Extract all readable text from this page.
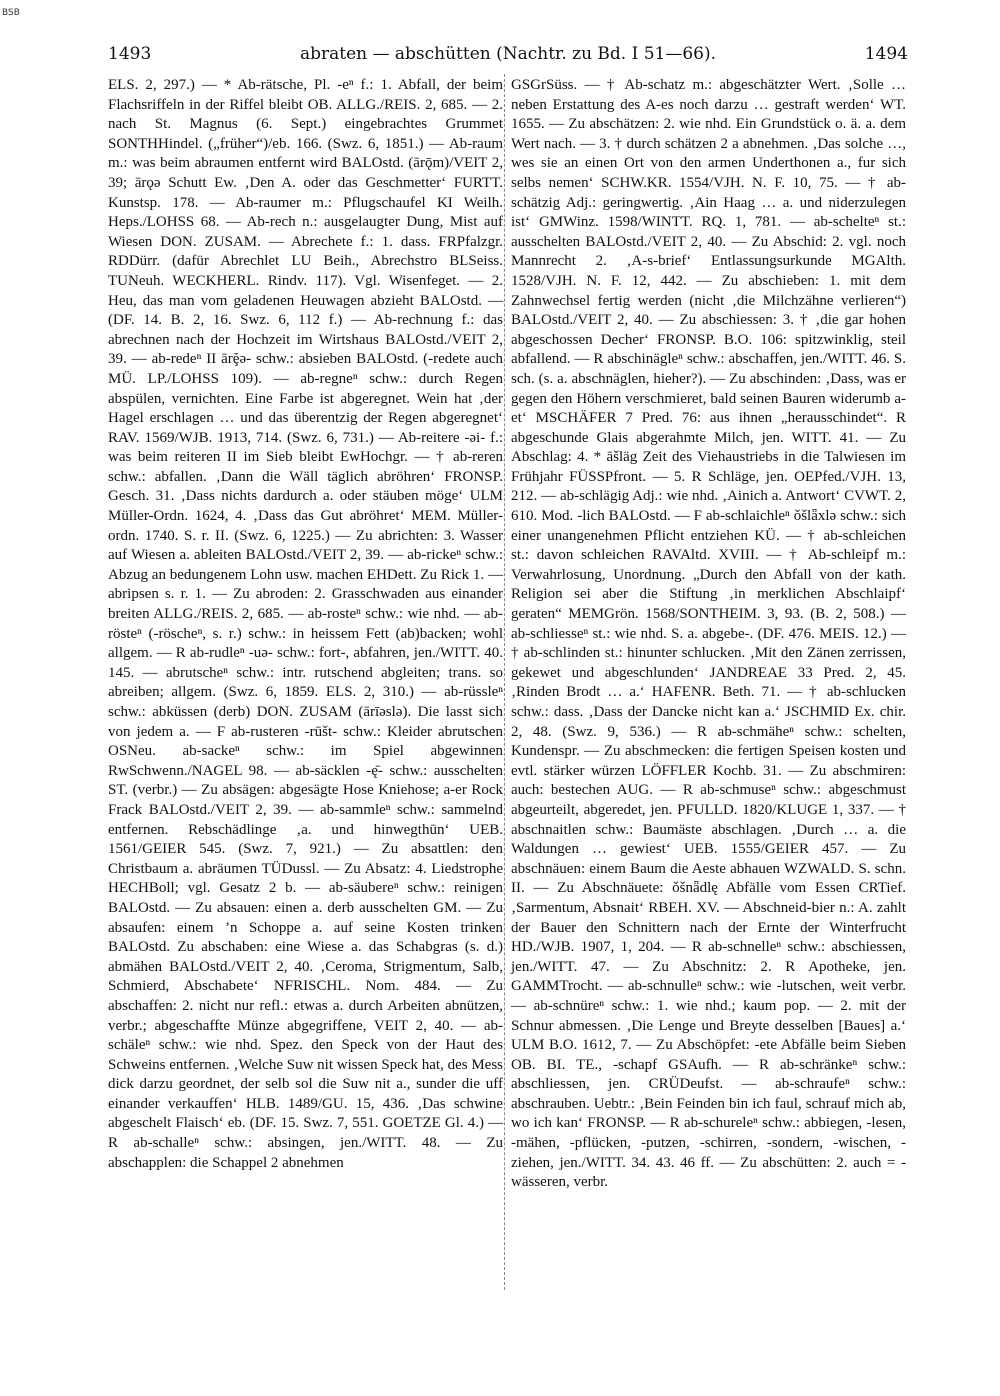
BSB
1493	abraten — abschütten (Nachtr. zu Bd. I 51—66).	1494

ELS. 2, 297.) — * Ab-rätsche, Pl. -eⁿ f.: 1. Abfall, der beim Flachsriffeln in der Riffel bleibt OB. ALLG./REIS. 2, 685. — 2. nach St. Magnus (6. Sept.) eingebrachtes Grummet SONTHHindel. („früher“)/eb. 166. (Swz. 6, 1851.) — Ab-raum m.: was beim abraumen entfernt wird BALOstd. (ārǭm)/VEIT 2, 39; ārǫə Schutt Ew. ‚Den A. oder das Geschmetter‘ FURTT. Kunstsp. 178. — Ab-raumer m.: Pflugschaufel KI Weilh. Heps./LOHSS 68. — Ab-rech n.: ausgelaugter Dung, Mist auf Wiesen DON. ZUSAM. — Abrechete f.: 1. dass. FRPfalzgr. RDDürr. (dafür Abrechlet LU Beih., Abrechstro BLSeiss. TUNeuh. WECKHERL. Rindv. 117). Vgl. Wisenfeget. — 2. Heu, das man vom geladenen Heuwagen abzieht BALOstd. — (DF. 14. B. 2, 16. Swz. 6, 112 f.) — Ab-rechnung f.: das abrechnen nach der Hochzeit im Wirtshaus BALOstd./VEIT 2, 39. — ab-redeⁿ II ārḝə- schw.: absieben BALOstd. (-redete auch MÜ. LP./LOHSS 109). — ab-regneⁿ schw.: durch Regen abspülen, vernichten. Eine Farbe ist abgeregnet. Wein hat ‚der Hagel erschlagen … und das überentzig der Regen abgeregnet‘ RAV. 1569/WJB. 1913, 714. (Swz. 6, 731.) — Ab-reitere -əi- f.: was beim reiteren II im Sieb bleibt EwHochgr. — † ab-reren schw.: abfallen. ‚Dann die Wäll täglich abröhren‘ FRONSP. Gesch. 31. ‚Dass nichts dardurch a. oder stäuben möge‘ ULM Müller-Ordn. 1624, 4. ‚Dass das Gut abröhret‘ MEM. Müller-ordn. 1740. S. r. II. (Swz. 6, 1225.) — Zu abrichten: 3. Wasser auf Wiesen a. ableiten BALOstd./VEIT 2, 39. — ab-rickeⁿ schw.: Abzug an bedungenem Lohn usw. machen EHDett. Zu Rick 1. — abripsen s. r. 1. — Zu abroden: 2. Grasschwaden aus einander breiten ALLG./REIS. 2, 685. — ab-rosteⁿ schw.: wie nhd. — ab-rösteⁿ (-röscheⁿ, s. r.) schw.: in heissem Fett (ab)backen; wohl allgem. — R ab-rudleⁿ -uə- schw.: fort-, abfahren, jen./WITT. 40. 145. — abrutscheⁿ schw.: intr. rutschend abgleiten; trans. so abreiben; allgem. (Swz. 6, 1859. ELS. 2, 310.) — ab-rüssleⁿ schw.: abküssen (derb) DON. ZUSAM (ārīəslə). Die lasst sich von jedem a. — F ab-rusteren -rūšt- schw.: Kleider abrutschen OSNeu. ab-sackeⁿ schw.: im Spiel abgewinnen RwSchwenn./NAGEL 98. — ab-säcklen -ę̄- schw.: ausschelten ST. (verbr.) — Zu absägen: abgesägte Hose Kniehose; a-er Rock Frack BALOstd./VEIT 2, 39. — ab-sammleⁿ schw.: sammelnd entfernen. Rebschädlinge ‚a. und hinwegthūn‘ UEB. 1561/GEIER 545. (Swz. 7, 921.) — Zu absattlen: den Christbaum a. abräumen TÜDussl. — Zu Absatz: 4. Liedstrophe HECHBoll; vgl. Gesatz 2 b. — ab-säubereⁿ schw.: reinigen BALOstd. — Zu absauen: einen a. derb ausschelten GM. — Zu absaufen: einem ’n Schoppe a. auf seine Kosten trinken BALOstd. Zu abschaben: eine Wiese a. das Schabgras (s. d.) abmähen BALOstd./VEIT 2, 40. ‚Ceroma, Strigmentum, Salb, Schmierd, Abschabete‘ NFRISCHL. Nom. 484. — Zu abschaffen: 2. nicht nur refl.: etwas a. durch Arbeiten abnützen, verbr.; abgeschaffte Münze abgegriffene, VEIT 2, 40. — ab-schäleⁿ schw.: wie nhd. Spez. den Speck von der Haut des Schweins entfernen. ‚Welche Suw nit wissen Speck hat, des Mess dick darzu geordnet, der selb sol die Suw nit a., sunder die uff einander verkauffen‘ HLB. 1489/GU. 15, 436. ‚Das schwine abgeschelt Flaisch‘ eb. (DF. 15. Swz. 7, 551. GOETZE Gl. 4.) — R ab-schalleⁿ schw.: absingen, jen./WITT. 48. — Zu abschapplen: die Schappel 2 abnehmen

GSGrSüss. — † Ab-schatz m.: abgeschätzter Wert. ‚Solle … neben Erstattung des A-es noch darzu … gestraft werden‘ WT. 1655. — Zu abschätzen: 2. wie nhd. Ein Grundstück o. ä. a. dem Wert nach. — 3. † durch schätzen 2 a abnehmen. ‚Das solche …, wes sie an einen Ort von den armen Underthonen a., fur sich selbs nemen‘ SCHW.KR. 1554/VJH. N. F. 10, 75. — † ab-schätzig Adj.: geringwertig. ‚Ain Haag … a. und niderzulegen ist‘ GMWinz. 1598/WINTT. RQ. 1, 781. — ab-schelteⁿ st.: ausschelten BALOstd./VEIT 2, 40. — Zu Abschid: 2. vgl. noch Mannrecht 2. ‚A-s-brief‘ Entlassungsurkunde MGAlth. 1528/VJH. N. F. 12, 442. — Zu abschieben: 1. mit dem Zahnwechsel fertig werden (nicht ‚die Milchzähne verlieren“) BALOstd./VEIT 2, 40. — Zu abschiessen: 3. † ‚die gar hohen abgeschossen Decher‘ FRONSP. B.O. 106: spitzwinklig, steil abfallend. — R abschinägleⁿ schw.: abschaffen, jen./WITT. 46. S. sch. (s. a. abschnäglen, hieher?). — Zu abschinden: ‚Dass, was er gegen den Höhern verschmieret, bald seinen Bauren widerumb a-et‘ MSCHÄFER 7 Pred. 76: aus ihnen „herausschindet“. R abgeschunde Glais abgerahmte Milch, jen. WITT. 41. — Zu Abschlag: 4. * āšläg Zeit des Viehaustriebs in die Talwiesen im Frühjahr FÜSSPfront. — 5. R Schläge, jen. OEPfed./VJH. 13, 212. — ab-schlägig Adj.: wie nhd. ‚Ainich a. Antwort‘ CVWT. 2, 610. Mod. -lich BALOstd. — F ab-schlaichleⁿ ǒšlǟxlə schw.: sich einer unangenehmen Pflicht entziehen KÜ. — † ab-schleichen st.: davon schleichen RAVAltd. XVIII. — † Ab-schleipf m.: Verwahrlosung, Unordnung. „Durch den Abfall von der kath. Religion sei aber die Stiftung ‚in merklichen Abschlaipf‘ geraten“ MEMGrön. 1568/SONTHEIM. 3, 93. (B. 2, 508.) — ab-schliesseⁿ st.: wie nhd. S. a. abgebe-. (DF. 476. MEIS. 12.) — † ab-schlinden st.: hinunter schlucken. ‚Mit den Zänen zerrissen, gekewet und abgeschlunden‘ JANDREAE 33 Pred. 2, 45. ‚Rinden Brodt … a.‘ HAFENR. Beth. 71. — † ab-schlucken schw.: dass. ‚Dass der Dancke nicht kan a.‘ JSCHMID Ex. chir. 2, 48. (Swz. 9, 536.) — R ab-schmäheⁿ schw.: schelten, Kundenspr. — Zu abschmecken: die fertigen Speisen kosten und evtl. stärker würzen LÖFFLER Kochb. 31. — Zu abschmiren: auch: bestechen AUG. — R ab-schmuseⁿ schw.: abgeschmust abgeurteilt, abgeredet, jen. PFULLD. 1820/KLUGE 1, 337. — † abschnaitlen schw.: Baumäste abschlagen. ‚Durch … a. die Waldungen … gewiest‘ UEB. 1555/GEIER 457. — Zu abschnäuen: einem Baum die Aeste abhauen WZWALD. S. schn. II. — Zu Abschnäuete: ǒšnǟdlę Abfälle vom Essen CRTief. ‚Sarmentum, Absnait‘ RBEH. XV. — Abschneid-bier n.: A. zahlt der Bauer den Schnittern nach der Ernte der Winterfrucht HD./WJB. 1907, 1, 204. — R ab-schnelleⁿ schw.: abschiessen, jen./WITT. 47. — Zu Abschnitz: 2. R Apotheke, jen. GAMMTrocht. — ab-schnulleⁿ schw.: wie -lutschen, weit verbr. — ab-schnüreⁿ schw.: 1. wie nhd.; kaum pop. — 2. mit der Schnur abmessen. ‚Die Lenge und Breyte desselben [Baues] a.‘ ULM B.O. 1612, 7. — Zu Abschöpfet: -ete Abfälle beim Sieben OB. BI. TE., -schapf GSAufh. — R ab-schränkeⁿ schw.: abschliessen, jen. CRÜDeufst. — ab-schraufeⁿ schw.: abschrauben. Uebtr.: ‚Bein Feinden bin ich faul, schrauf mich ab, wo ich kan‘ FRONSP. — R ab-schureleⁿ schw.: abbiegen, -lesen, -mähen, -pflücken, -putzen, -schirren, -sondern, -wischen, -ziehen, jen./WITT. 34. 43. 46 ff. — Zu abschütten: 2. auch = -wässeren, verbr.
